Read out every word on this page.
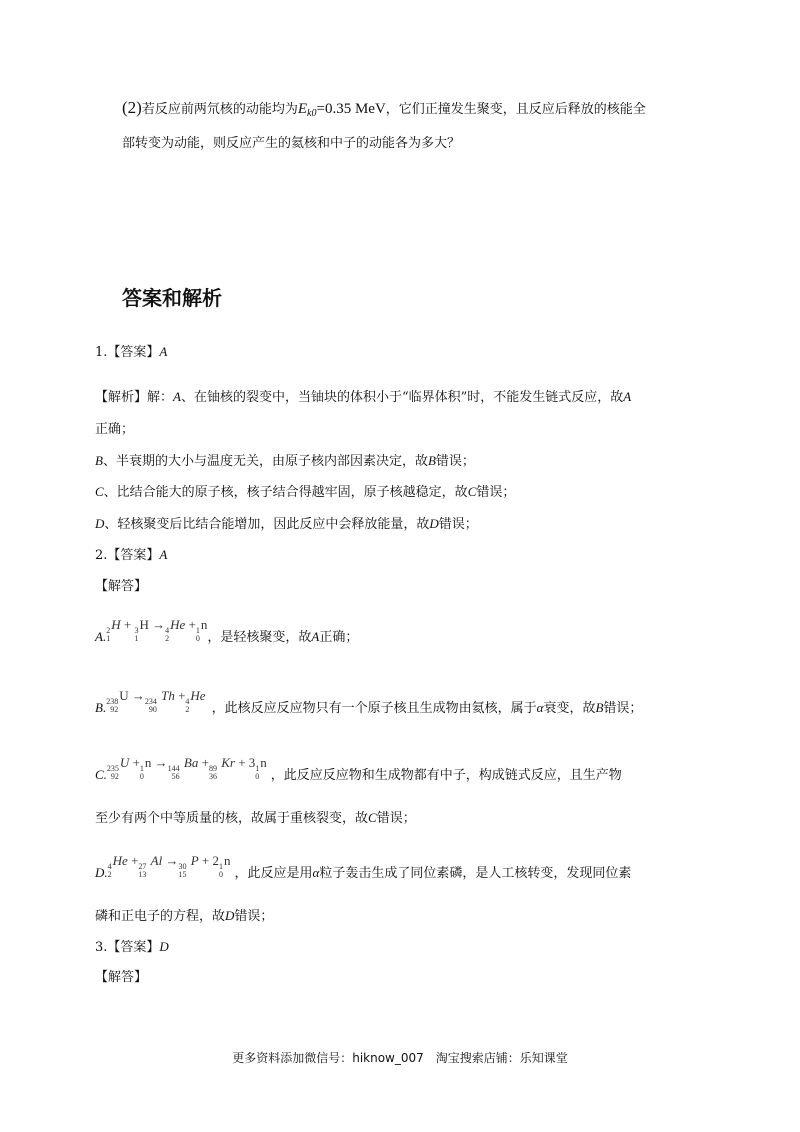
(2)若反应前两氘核的动能均为$E_{k0}=0.35$ MeV，它们正撞发生聚变，且反应后释放的核能全
部转变为动能，则反应产生的氦核和中子的动能各为多大？
答案和解析
1.【答案】A
【解析】解：A、在铀核的裂变中，当铀块的体积小于“临界体积”时，不能发生链式反应，故A
正确；
B、半衰期的大小与温度无关，由原子核内部因素决定，故B错误；
C、比结合能大的原子核，核子结合得越牢固，原子核越稳定，故C错误；
D、轻核聚变后比结合能增加，因此反应中会释放能量，故D错误；
2.【答案】A
【解答】
A. 2
1
H + 3
1
H → 4
2
He + 1
0
n，是轻核聚变，故A正确；
B. 238
92
U → 234
90
Th + 4
2
He，此核反应反应物只有一个原子核且生成物由氦核，属于α衰变，故B错误；
C. 235
92
U + 1
0
n → 144
56
Ba + 89
36
Kr + 3 1
0
n，此反应反应物和生成物都有中子，构成链式反应，且生产物
至少有两个中等质量的核，故属于重核裂变，故C错误；
D. 4
2
He + 27
13
Al → 30
15
P + 2 1
0
n，此反应是用α粒子轰击生成了同位素磷，是人工核转变，发现同位素
磷和正电子的方程，故D错误；
3.【答案】D
【解答】
更多资料添加微信号：hiknow_007　淘宝搜索店铺：乐知课堂
